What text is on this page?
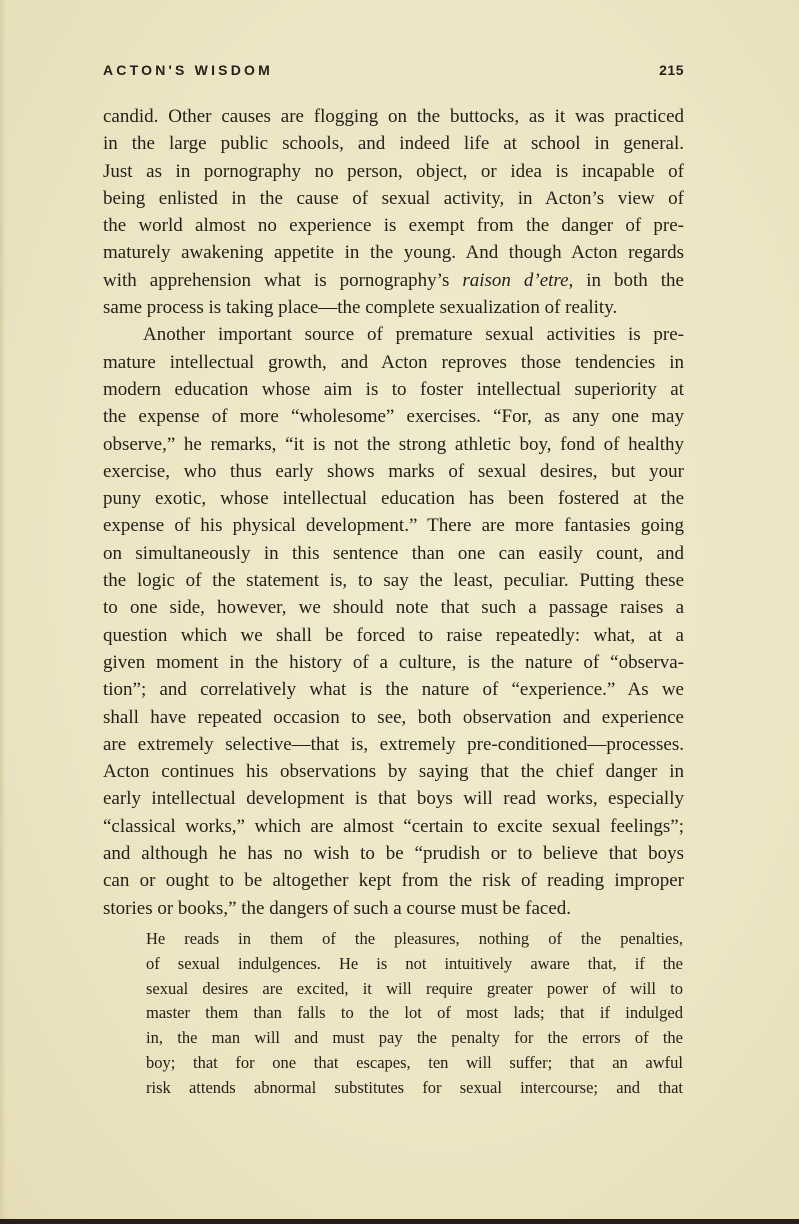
ACTON'S WISDOM	215
candid. Other causes are flogging on the buttocks, as it was practiced
in the large public schools, and indeed life at school in general.
Just as in pornography no person, object, or idea is incapable of
being enlisted in the cause of sexual activity, in Acton’s view of
the world almost no experience is exempt from the danger of pre-
maturely awakening appetite in the young. And though Acton regards
with apprehension what is pornography’s raison d’etre, in both the
same process is taking place—the complete sexualization of reality.
Another important source of premature sexual activities is pre-
mature intellectual growth, and Acton reproves those tendencies in
modern education whose aim is to foster intellectual superiority at
the expense of more “wholesome” exercises. “For, as any one may
observe,” he remarks, “it is not the strong athletic boy, fond of healthy
exercise, who thus early shows marks of sexual desires, but your
puny exotic, whose intellectual education has been fostered at the
expense of his physical development.” There are more fantasies going
on simultaneously in this sentence than one can easily count, and
the logic of the statement is, to say the least, peculiar. Putting these
to one side, however, we should note that such a passage raises a
question which we shall be forced to raise repeatedly: what, at a
given moment in the history of a culture, is the nature of “observa-
tion”; and correlatively what is the nature of “experience.” As we
shall have repeated occasion to see, both observation and experience
are extremely selective—that is, extremely pre-conditioned—processes.
Acton continues his observations by saying that the chief danger in
early intellectual development is that boys will read works, especially
“classical works,” which are almost “certain to excite sexual feelings”;
and although he has no wish to be “prudish or to believe that boys
can or ought to be altogether kept from the risk of reading improper
stories or books,” the dangers of such a course must be faced.
He reads in them of the pleasures, nothing of the penalties,
of sexual indulgences. He is not intuitively aware that, if the
sexual desires are excited, it will require greater power of will to
master them than falls to the lot of most lads; that if indulged
in, the man will and must pay the penalty for the errors of the
boy; that for one that escapes, ten will suffer; that an awful
risk attends abnormal substitutes for sexual intercourse; and that
